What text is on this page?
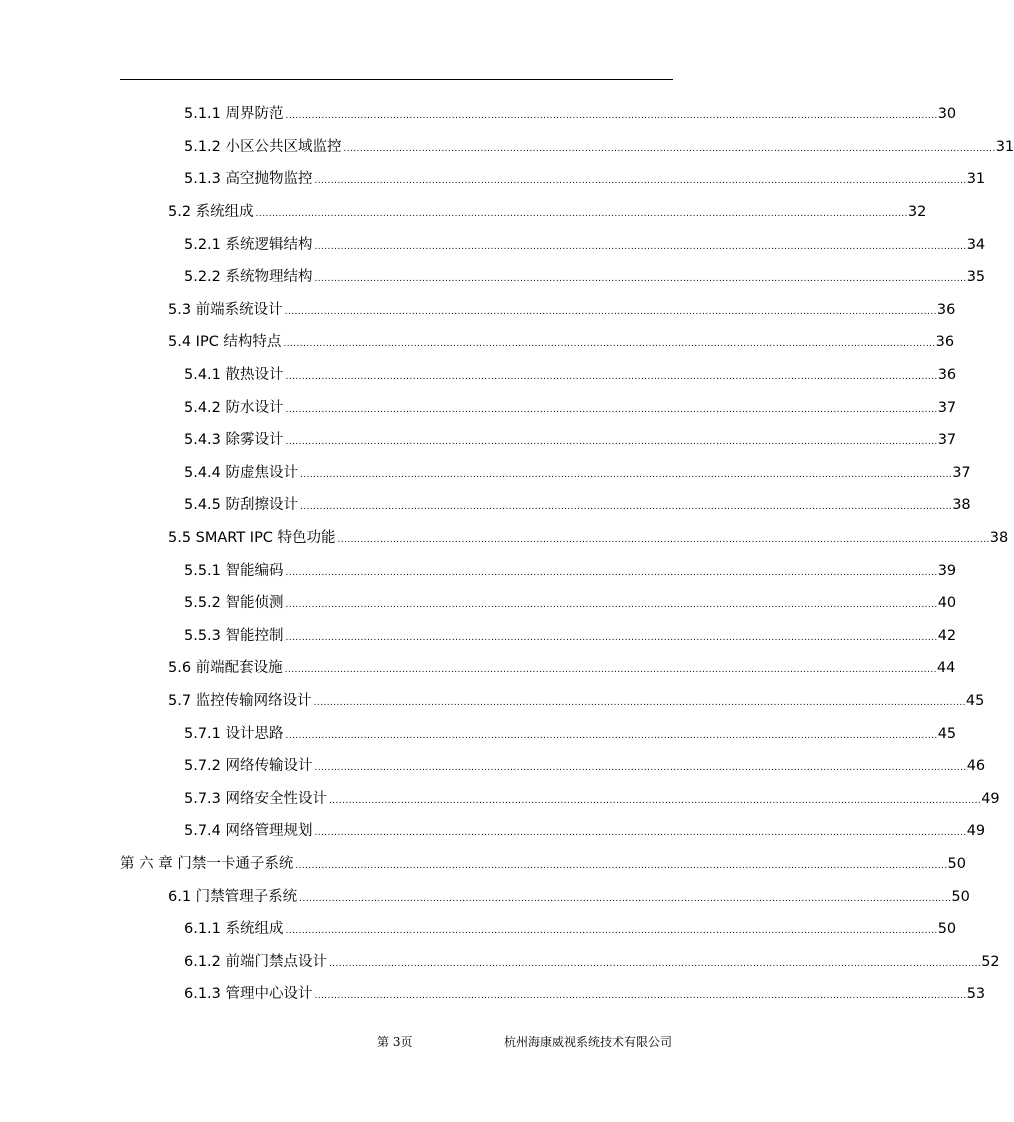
5.1.1 周界防范 ........................................................................................................................................................................................................ 30
5.1.2 小区公共区域监控 ........................................................................................................................................................................................................ 31
5.1.3 高空抛物监控 ........................................................................................................................................................................................................ 31
5.2 系统组成 ........................................................................................................................................................................................................ 32
5.2.1 系统逻辑结构 ........................................................................................................................................................................................................ 34
5.2.2 系统物理结构 ........................................................................................................................................................................................................ 35
5.3 前端系统设计 ........................................................................................................................................................................................................ 36
5.4 IPC 结构特点 ........................................................................................................................................................................................................ 36
5.4.1 散热设计 ........................................................................................................................................................................................................ 36
5.4.2 防水设计 ........................................................................................................................................................................................................ 37
5.4.3 除雾设计 ........................................................................................................................................................................................................ 37
5.4.4 防虚焦设计 ........................................................................................................................................................................................................ 37
5.4.5 防刮擦设计 ........................................................................................................................................................................................................ 38
5.5 SMART IPC 特色功能 ........................................................................................................................................................................................................ 38
5.5.1 智能编码 ........................................................................................................................................................................................................ 39
5.5.2 智能侦测 ........................................................................................................................................................................................................ 40
5.5.3 智能控制 ........................................................................................................................................................................................................ 42
5.6 前端配套设施 ........................................................................................................................................................................................................ 44
5.7 监控传输网络设计 ........................................................................................................................................................................................................ 45
5.7.1 设计思路 ........................................................................................................................................................................................................ 45
5.7.2 网络传输设计 ........................................................................................................................................................................................................ 46
5.7.3 网络安全性设计 ........................................................................................................................................................................................................ 49
5.7.4 网络管理规划 ........................................................................................................................................................................................................ 49
第 六 章 门禁一卡通子系统 ........................................................................................................................................................................................................ 50
6.1 门禁管理子系统 ........................................................................................................................................................................................................ 50
6.1.1 系统组成 ........................................................................................................................................................................................................ 50
6.1.2 前端门禁点设计 ........................................................................................................................................................................................................ 52
6.1.3 管理中心设计 ........................................................................................................................................................................................................ 53
第 3页	杭州海康威视系统技术有限公司
